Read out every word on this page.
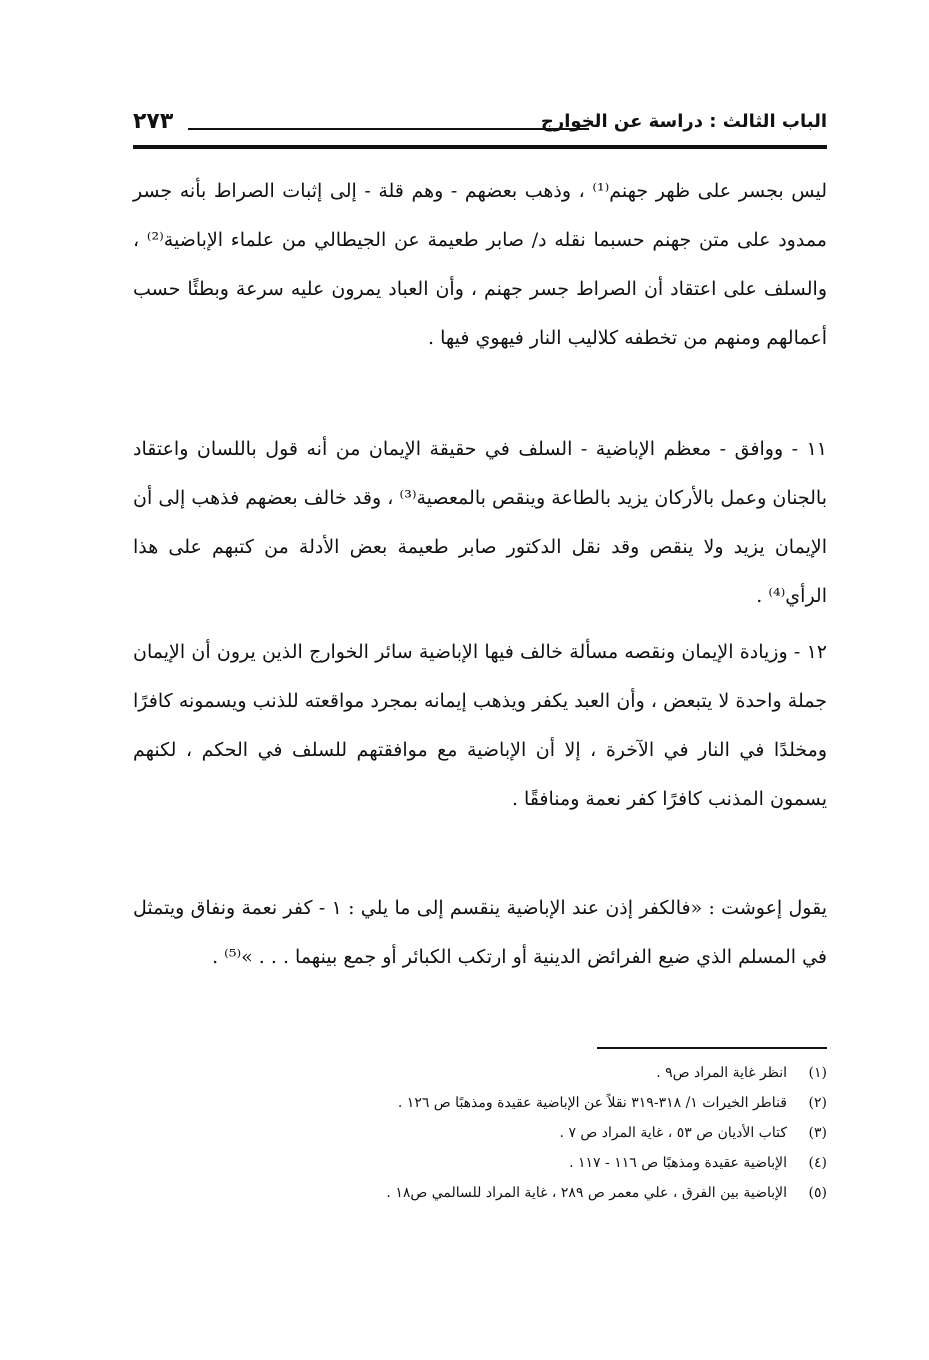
الباب الثالث : دراسة عن الخوارج
٢٧٣

ليس بجسر على ظهر جهنم⁽¹⁾ ، وذهب بعضهم - وهم قلة - إلى إثبات الصراط بأنه جسر ممدود على متن جهنم حسبما نقله د/ صابر طعيمة عن الجيطالي من علماء الإباضية⁽²⁾ ، والسلف على اعتقاد أن الصراط جسر جهنم ، وأن العباد يمرون عليه سرعة وبطئًا حسب أعمالهم ومنهم من تخطفه كلاليب النار فيهوي فيها .

١١ - ووافق - معظم الإباضية - السلف في حقيقة الإيمان من أنه قول باللسان واعتقاد بالجنان وعمل بالأركان يزيد بالطاعة وينقص بالمعصية⁽³⁾ ، وقد خالف بعضهم فذهب إلى أن الإيمان يزيد ولا ينقص وقد نقل الدكتور صابر طعيمة بعض الأدلة من كتبهم على هذا الرأي⁽⁴⁾ .

١٢ - وزيادة الإيمان ونقصه مسألة خالف فيها الإباضية سائر الخوارج الذين يرون أن الإيمان جملة واحدة لا يتبعض ، وأن العبد يكفر ويذهب إيمانه بمجرد مواقعته للذنب ويسمونه كافرًا ومخلدًا في النار في الآخرة ، إلا أن الإباضية مع موافقتهم للسلف في الحكم ، لكنهم يسمون المذنب كافرًا كفر نعمة ومنافقًا .

يقول إعوشت : «فالكفر إذن عند الإباضية ينقسم إلى ما يلي : ١ - كفر نعمة ونفاق ويتمثل في المسلم الذي ضيع الفرائض الدينية أو ارتكب الكبائر أو جمع بينهما . . . »⁽⁵⁾ .

(١)
انظر غاية المراد ص٩ .
(٢)
قناطر الخيرات ١/ ٣١٨-٣١٩ نقلاً عن الإباضية عقيدة ومذهبًا ص ١٢٦ .
(٣)
كتاب الأديان ص ٥٣ ، غاية المراد ص ٧ .
(٤)
الإباضية عقيدة ومذهبًا ص ١١٦ - ١١٧ .
(٥)
الإباضية بين الفرق ، علي معمر ص ٢٨٩ ، غاية المراد للسالمي ص١٨ .
